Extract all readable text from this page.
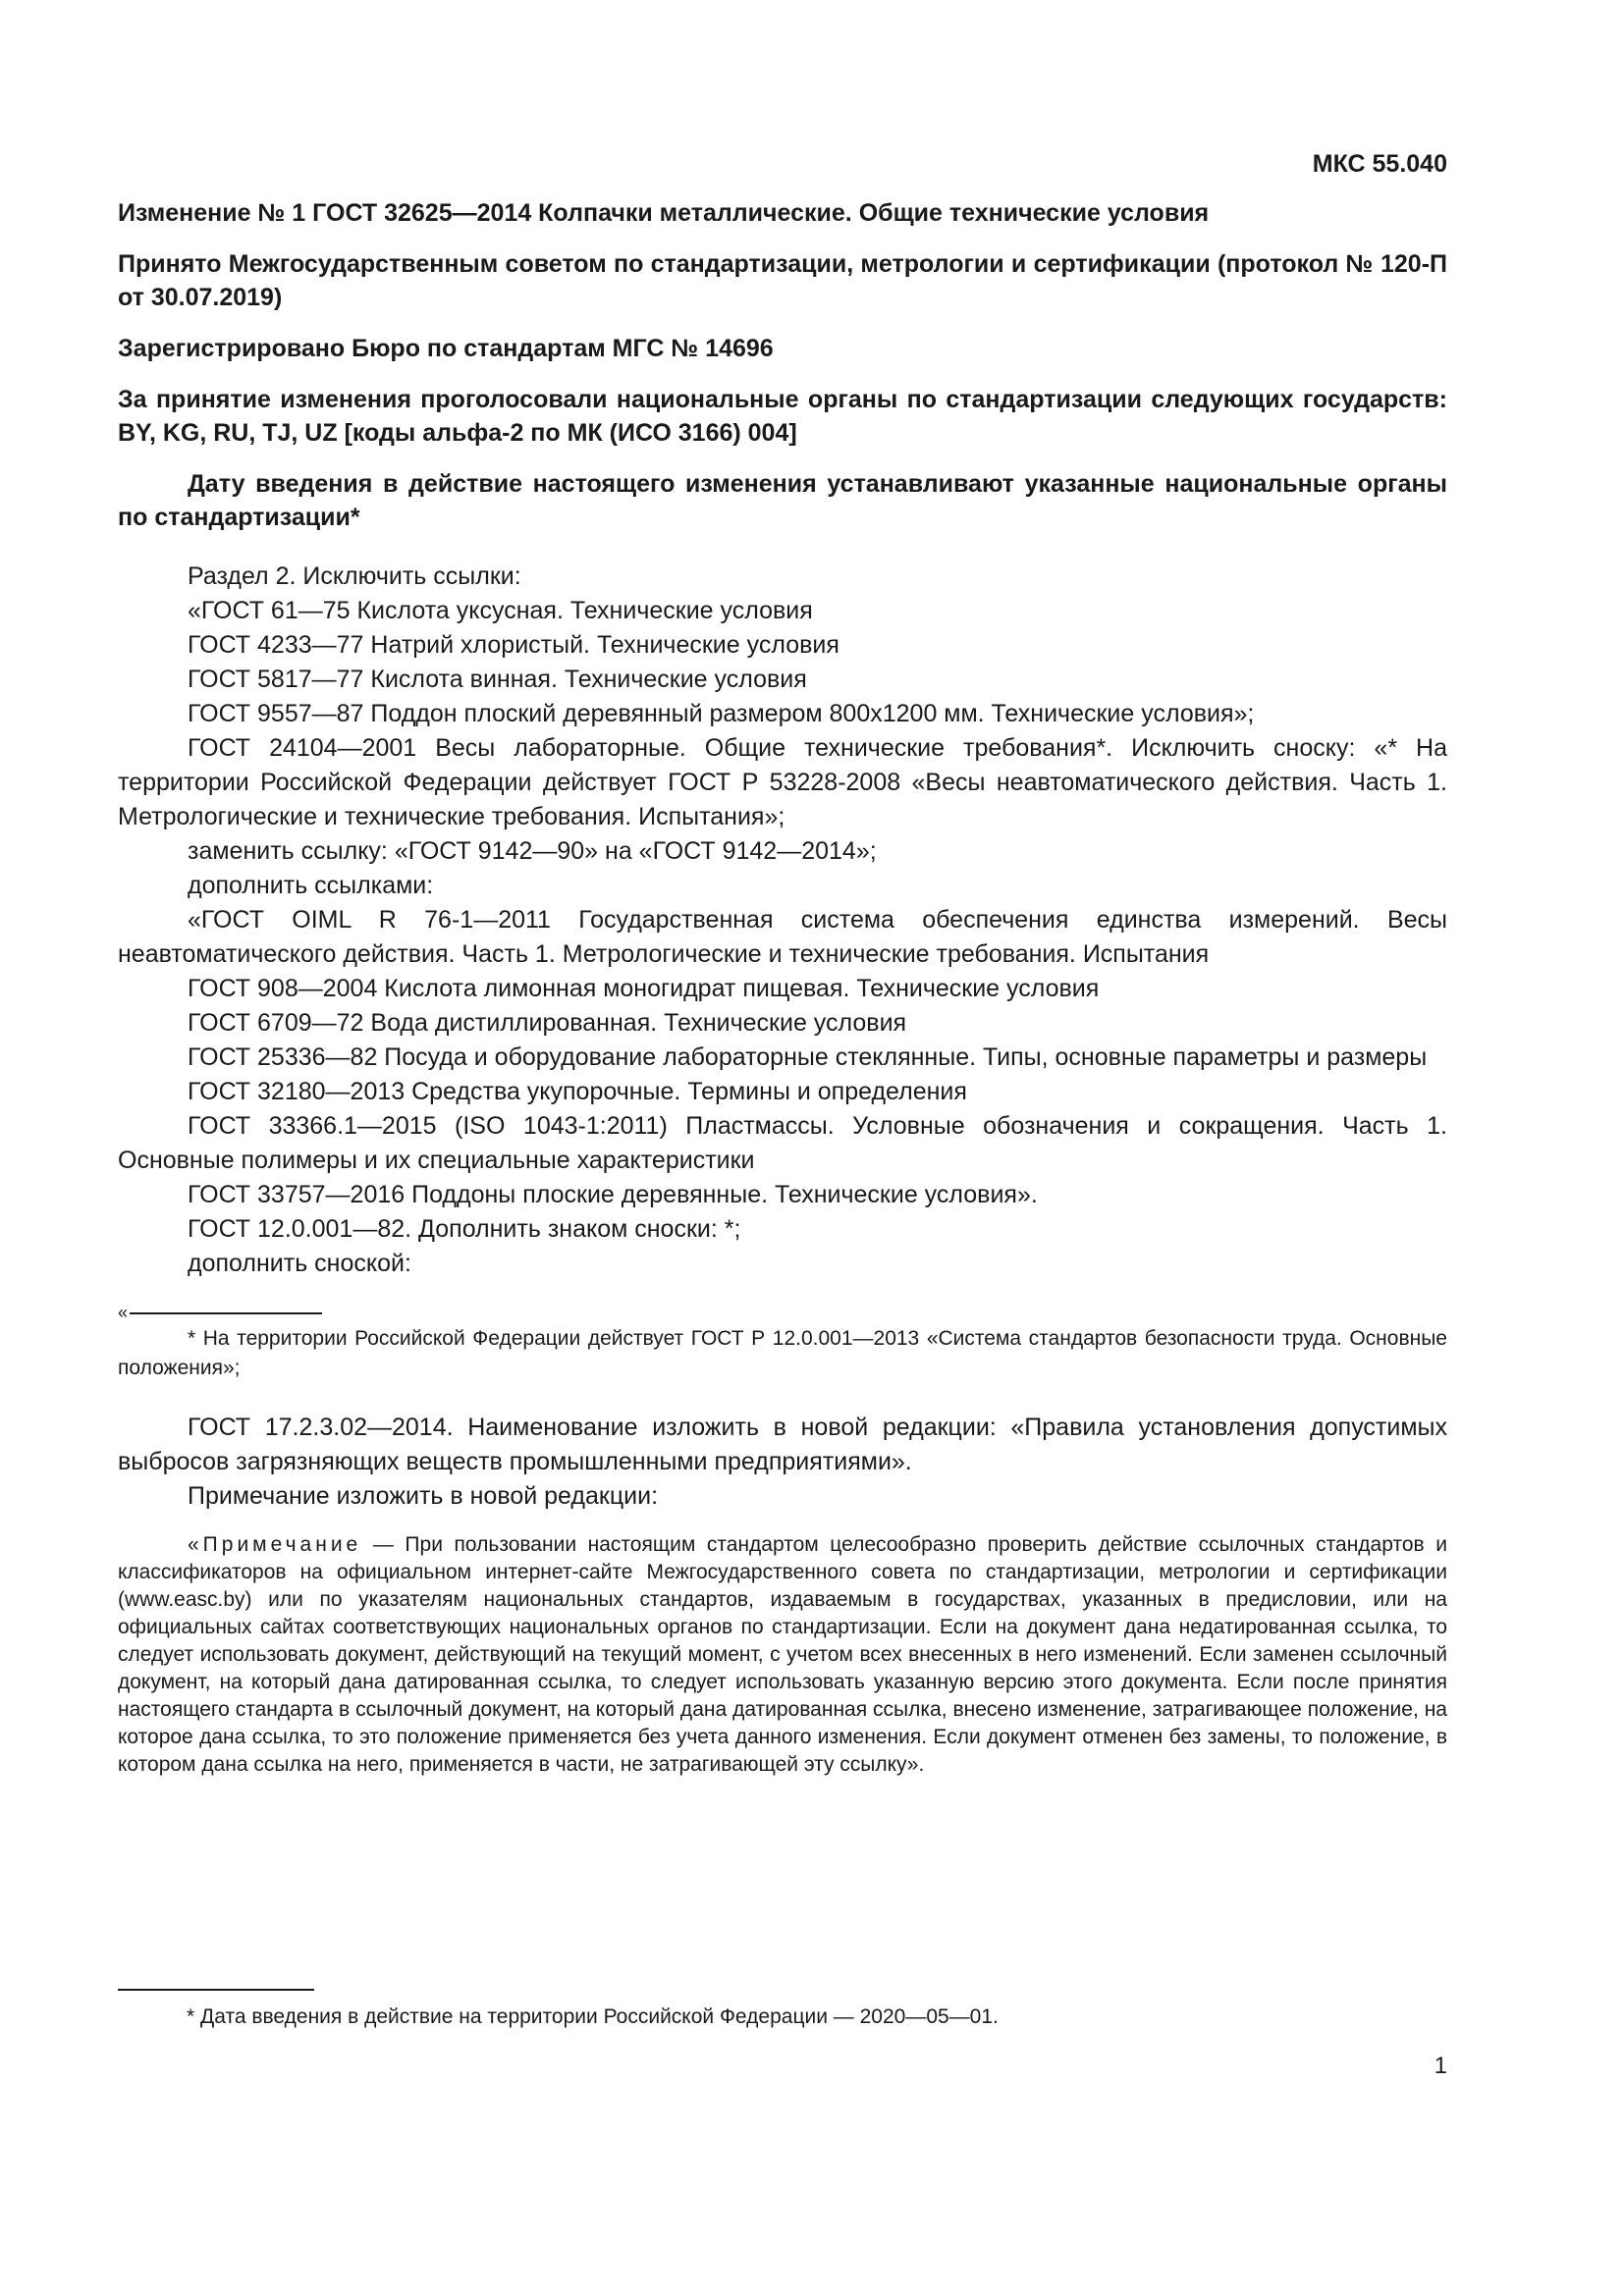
МКС 55.040
Изменение № 1 ГОСТ 32625—2014 Колпачки металлические. Общие технические условия
Принято Межгосударственным советом по стандартизации, метрологии и сертификации (протокол № 120-П от 30.07.2019)
Зарегистрировано Бюро по стандартам МГС № 14696
За принятие изменения проголосовали национальные органы по стандартизации следующих государств: BY, KG, RU, TJ, UZ [коды альфа-2 по МК (ИСО 3166) 004]
Дату введения в действие настоящего изменения устанавливают указанные национальные органы по стандартизации*

Раздел 2. Исключить ссылки:

«ГОСТ 61—75 Кислота уксусная. Технические условия

ГОСТ 4233—77 Натрий хлористый. Технические условия

ГОСТ 5817—77 Кислота винная. Технические условия

ГОСТ 9557—87 Поддон плоский деревянный размером 800х1200 мм. Технические условия»;

ГОСТ 24104—2001 Весы лабораторные. Общие технические требования*. Исключить сноску: «* На территории Российской Федерации действует ГОСТ Р 53228-2008 «Весы неавтоматического действия. Часть 1. Метрологические и технические требования. Испытания»;

заменить ссылку: «ГОСТ 9142—90» на «ГОСТ 9142—2014»;

дополнить ссылками:

«ГОСТ OIML R 76-1—2011 Государственная система обеспечения единства измерений. Весы неавтоматического действия. Часть 1. Метрологические и технические требования. Испытания

ГОСТ 908—2004 Кислота лимонная моногидрат пищевая. Технические условия

ГОСТ 6709—72 Вода дистиллированная. Технические условия

ГОСТ 25336—82 Посуда и оборудование лабораторные стеклянные. Типы, основные параметры и размеры

ГОСТ 32180—2013 Средства укупорочные. Термины и определения

ГОСТ 33366.1—2015 (ISO 1043-1:2011) Пластмассы. Условные обозначения и сокращения. Часть 1. Основные полимеры и их специальные характеристики

ГОСТ 33757—2016 Поддоны плоские деревянные. Технические условия».

ГОСТ 12.0.001—82. Дополнить знаком сноски: *;

дополнить сноской:

«
* На территории Российской Федерации действует ГОСТ Р 12.0.001—2013 «Система стандартов безопасности труда. Основные положения»;

ГОСТ 17.2.3.02—2014. Наименование изложить в новой редакции: «Правила установления допустимых выбросов загрязняющих веществ промышленными предприятиями».

Примечание изложить в новой редакции:

«Примечание — При пользовании настоящим стандартом целесообразно проверить действие ссылочных стандартов и классификаторов на официальном интернет-сайте Межгосударственного совета по стандартизации, метрологии и сертификации (www.easc.by) или по указателям национальных стандартов, издаваемым в государствах, указанных в предисловии, или на официальных сайтах соответствующих национальных органов по стандартизации. Если на документ дана недатированная ссылка, то следует использовать документ, действующий на текущий момент, с учетом всех внесенных в него изменений. Если заменен ссылочный документ, на который дана датированная ссылка, то следует использовать указанную версию этого документа. Если после принятия настоящего стандарта в ссылочный документ, на который дана датированная ссылка, внесено изменение, затрагивающее положение, на которое дана ссылка, то это положение применяется без учета данного изменения. Если документ отменен без замены, то положение, в котором дана ссылка на него, применяется в части, не затрагивающей эту ссылку».
* Дата введения в действие на территории Российской Федерации — 2020—05—01.
1
